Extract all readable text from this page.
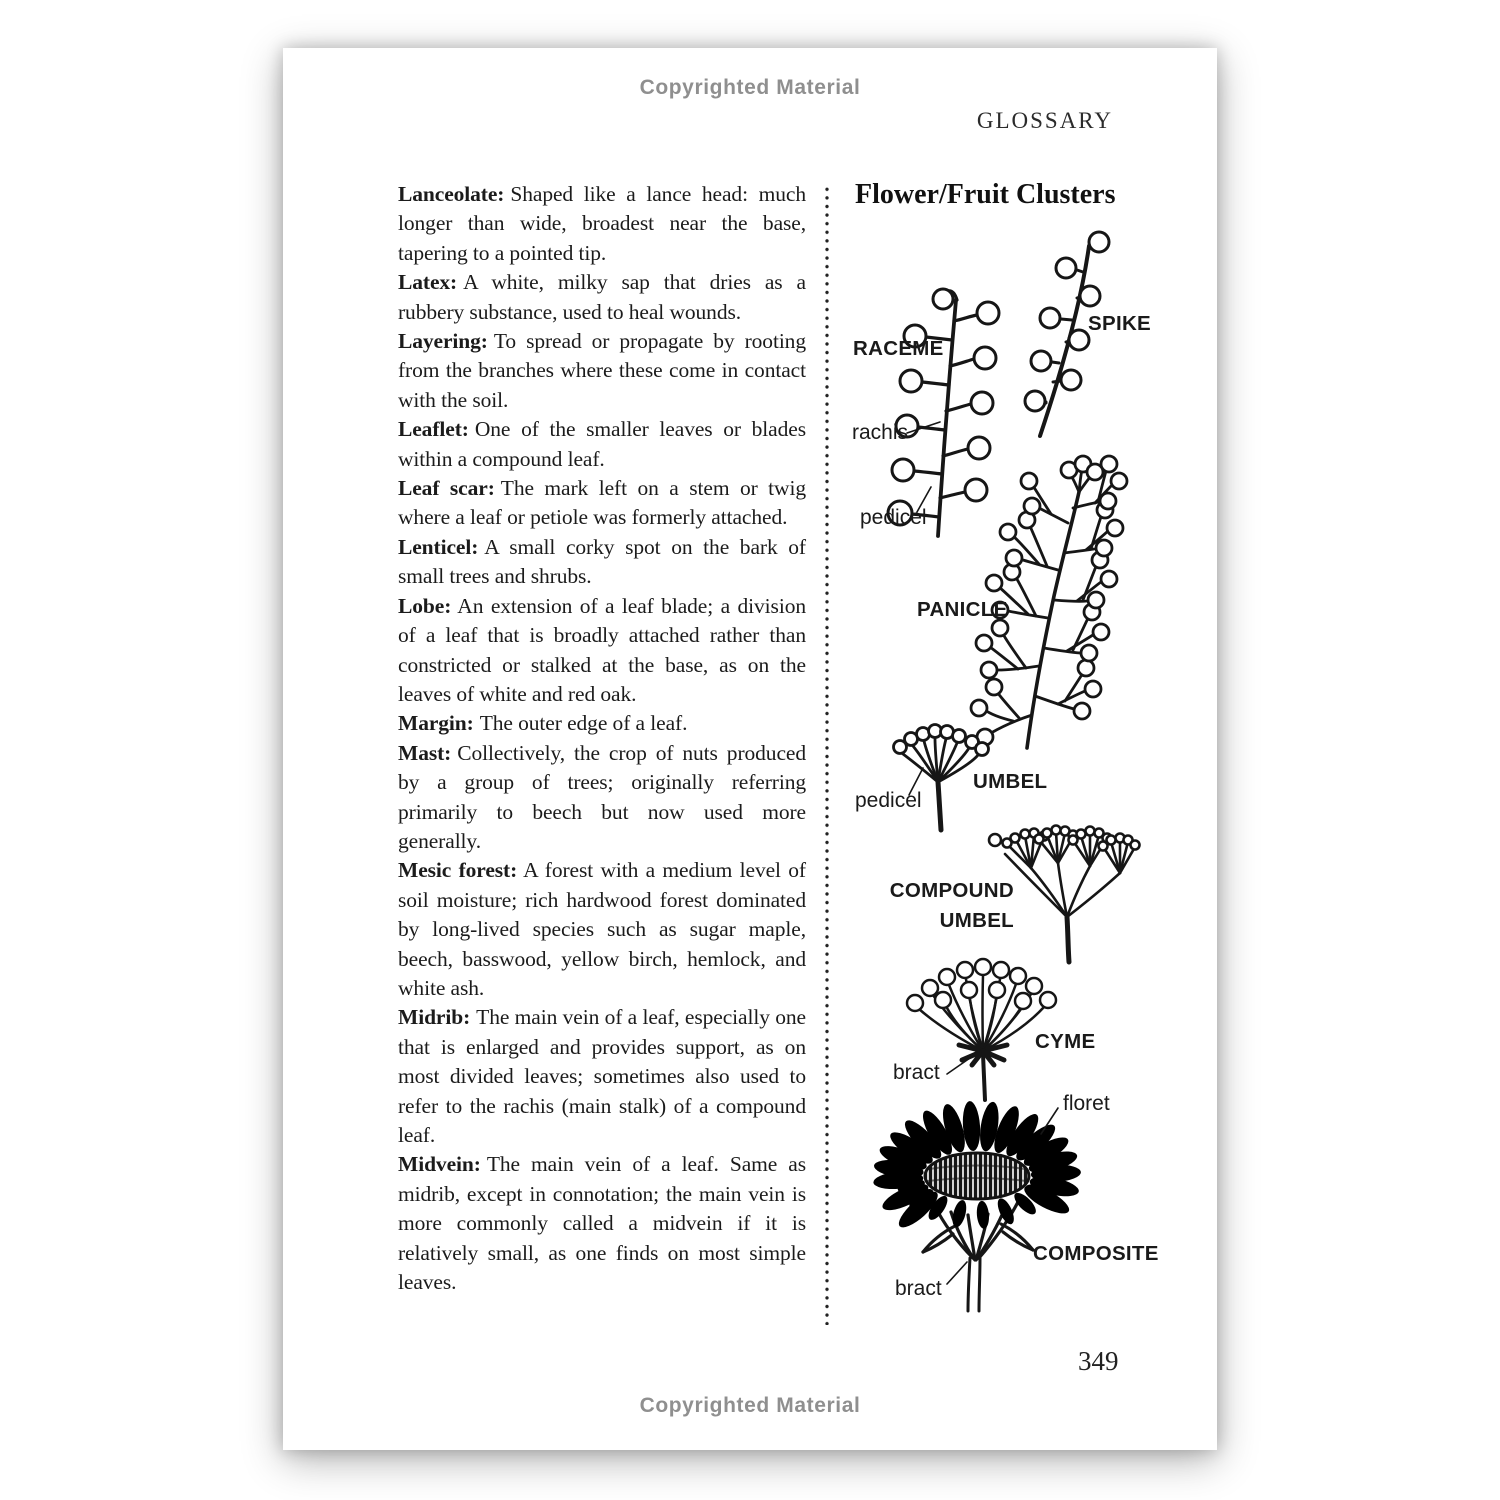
Copyrighted Material
GLOSSARY

Lanceolate: Shaped like a lance head: much longer than wide, broadest near the base, tapering to a pointed tip.

Latex: A white, milky sap that dries as a rubbery substance, used to heal wounds.

Layering: To spread or propagate by rooting from the branches where these come in contact with the soil.

Leaflet: One of the smaller leaves or blades within a compound leaf.

Leaf scar: The mark left on a stem or twig where a leaf or petiole was formerly attached.

Lenticel: A small corky spot on the bark of small trees and shrubs.

Lobe: An extension of a leaf blade; a division of a leaf that is broadly attached rather than constricted or stalked at the base, as on the leaves of white and red oak.

Margin: The outer edge of a leaf.

Mast: Collectively, the crop of nuts produced by a group of trees; originally referring primarily to beech but now used more generally.

Mesic forest: A forest with a medium level of soil moisture; rich hardwood forest dominated by long-lived species such as sugar maple, beech, basswood, yellow birch, hemlock, and white ash.

Midrib: The main vein of a leaf, especially one that is enlarged and provides support, as on most divided leaves; sometimes also used to refer to the rachis (main stalk) of a compound leaf.

Midvein: The main vein of a leaf. Same as midrib, except in connotation; the main vein is more commonly called a midvein if it is relatively small, as one finds on most simple leaves.

Flower/Fruit Clusters
RACEME
SPIKE
rachis
pedicel
PANICLE
UMBEL
pedicel
COMPOUND UMBEL
CYME
bract
floret
COMPOSITE
bract
349
Copyrighted Material
